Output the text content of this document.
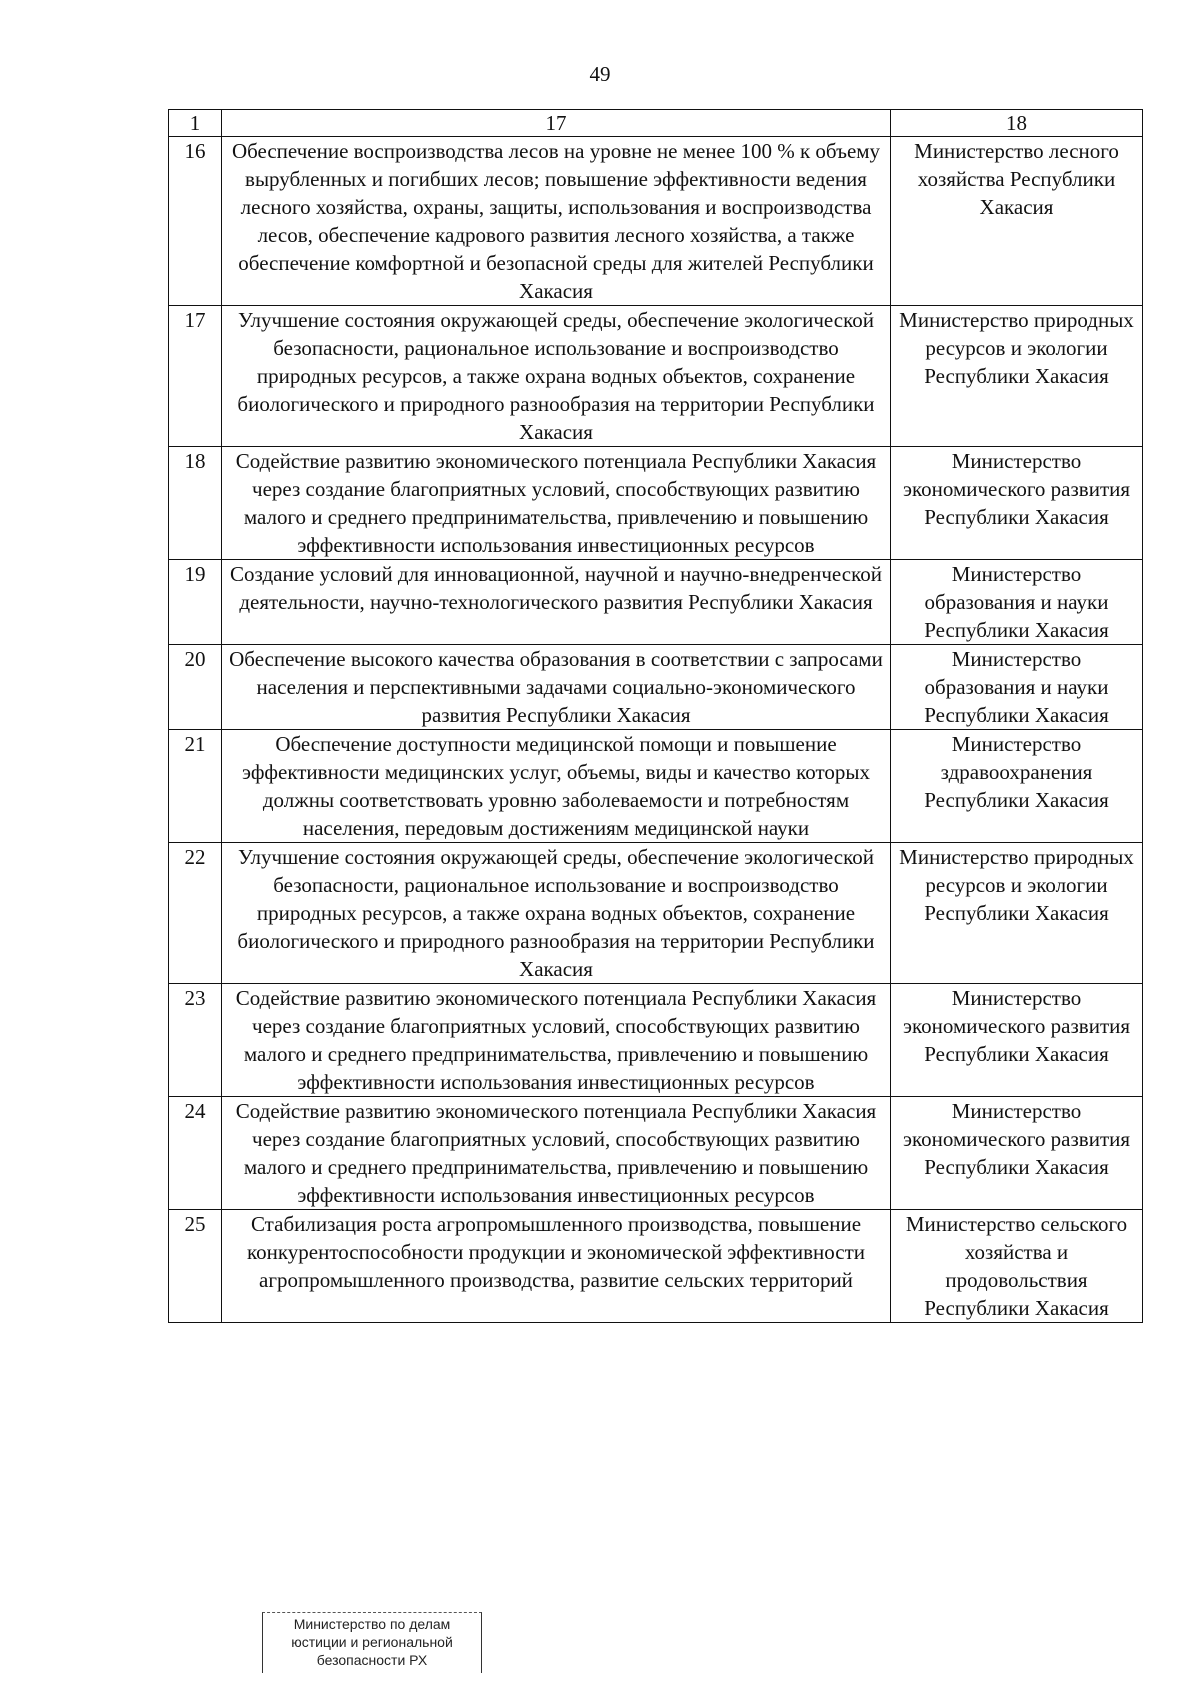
49
1	17	18
16	Обеспечение воспроизводства лесов на уровне не менее 100 % к объему вырубленных и погибших лесов; повышение эффективности ведения лесного хозяйства, охраны, защиты, использования и воспроизводства лесов, обеспечение кадрового развития лесного хозяйства, а также обеспечение комфортной и безопасной среды для жителей Республики Хакасия	Министерство лесного хозяйства Республики Хакасия
17	Улучшение состояния окружающей среды, обеспечение экологической безопасности, рациональное использование и воспроизводство природных ресурсов, а также охрана водных объектов, сохранение биологического и природного разнообразия на территории Республики Хакасия	Министерство природных ресурсов и экологии Республики Хакасия
18	Содействие развитию экономического потенциала Республики Хакасия через создание благоприятных условий, способствующих развитию малого и среднего предпринимательства, привлечению и повышению эффективности использования инвестиционных ресурсов	Министерство экономического развития Республики Хакасия
19	Создание условий для инновационной, научной и научно-внедренческой деятельности, научно-технологического развития Республики Хакасия	Министерство образования и науки Республики Хакасия
20	Обеспечение высокого качества образования в соответствии с запросами населения и перспективными задачами социально-экономического развития Республики Хакасия	Министерство образования и науки Республики Хакасия
21	Обеспечение доступности медицинской помощи и повышение эффективности медицинских услуг, объемы, виды и качество которых должны соответствовать уровню заболеваемости и потребностям населения, передовым достижениям медицинской науки	Министерство здравоохранения Республики Хакасия
22	Улучшение состояния окружающей среды, обеспечение экологической безопасности, рациональное использование и воспроизводство природных ресурсов, а также охрана водных объектов, сохранение биологического и природного разнообразия на территории Республики Хакасия	Министерство природных ресурсов и экологии Республики Хакасия
23	Содействие развитию экономического потенциала Республики Хакасия через создание благоприятных условий, способствующих развитию малого и среднего предпринимательства, привлечению и повышению эффективности использования инвестиционных ресурсов	Министерство экономического развития Республики Хакасия
24	Содействие развитию экономического потенциала Республики Хакасия через создание благоприятных условий, способствующих развитию малого и среднего предпринимательства, привлечению и повышению эффективности использования инвестиционных ресурсов	Министерство экономического развития Республики Хакасия
25	Стабилизация роста агропромышленного производства, повышение конкурентоспособности продукции и экономической эффективности агропромышленного производства, развитие сельских территорий	Министерство сельского хозяйства и продовольствия Республики Хакасия
Министерство по делам
юстиции и региональной
безопасности РХ
